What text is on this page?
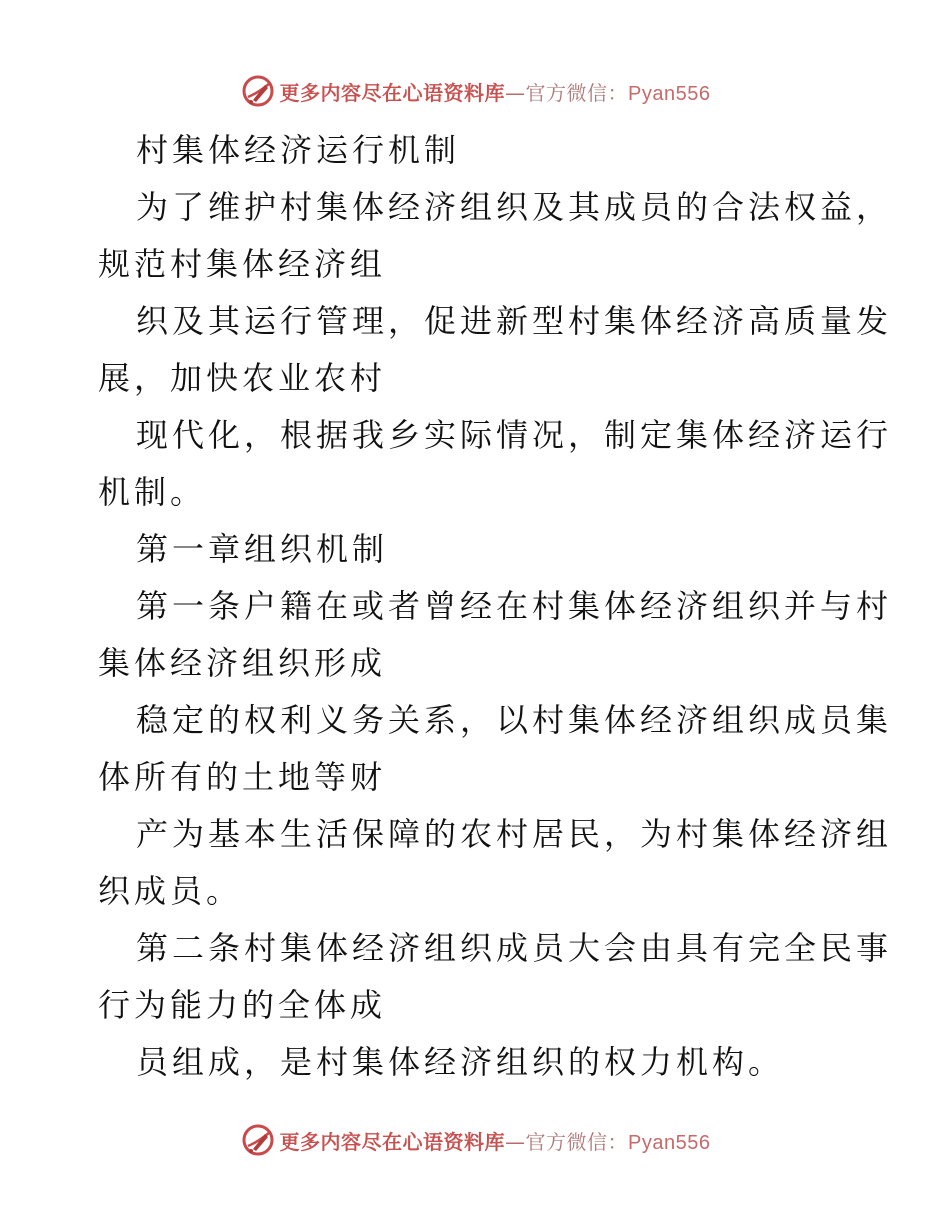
更多内容尽在心语资料库—官方微信：Pyan556
村集体经济运行机制
为了维护村集体经济组织及其成员的合法权益，
规范村集体经济组
织及其运行管理，促进新型村集体经济高质量发
展，加快农业农村
现代化，根据我乡实际情况，制定集体经济运行
机制。
第一章组织机制
第一条户籍在或者曾经在村集体经济组织并与村
集体经济组织形成
稳定的权利义务关系，以村集体经济组织成员集
体所有的土地等财
产为基本生活保障的农村居民，为村集体经济组
织成员。
第二条村集体经济组织成员大会由具有完全民事
行为能力的全体成
员组成，是村集体经济组织的权力机构。
更多内容尽在心语资料库—官方微信：Pyan556
